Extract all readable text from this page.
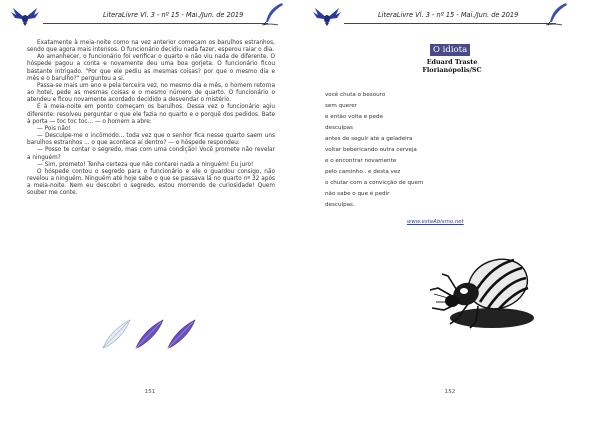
LiteraLivre Vl. 3 - nº 15 - Mai./Jun. de 2019

Exatamente à meia-noite como na vez anterior começam os barulhos estranhos, sendo que agora mais intensos. O funcionário decidiu nada fazer, esperou raiar o dia.

Ao amanhecer, o funcionário foi verificar o quarto e não viu nada de diferente. O hóspede pagou a conta e novamente deu uma boa gorjeta. O funcionário ficou bastante intrigado. "Por que ele pediu as mesmas coisas? por que o mesmo dia e mês e o barulho?" perguntou a si.

Passa-se mais um ano e pela terceira vez, no mesmo dia e mês, o homem retorna ao hotel, pede as mesmas coisas e o mesmo número de quarto. O funcionário o atendeu e ficou novamente acordado decidido a desvendar o mistério.

É à meia-noite em ponto começam os barulhos. Dessa vez o funcionário agiu diferente: resolveu perguntar o que ele fazia no quarto e o porquê dos pedidos. Bate à porta — toc toc toc... — o homem a abre:

— Pois não!

— Desculpe-me o incômodo... toda vez que o senhor fica nesse quarto saem uns barulhos estranhos ... o que acontece aí dentro? — o hóspede respondeu:

— Posso te contar o segredo, mas com uma condição! Você promete não revelar a ninguém?

— Sim, prometo! Tenha certeza que não contarei nada a ninguém! Eu juro!

O hóspede contou o segredo para o funcionário e ele o guardou consigo, não revelou a ninguém. Ninguém até hoje sabe o que se passava lá no quarto nº 32 após a meia-noite. Nem eu descobri o segredo, estou morrendo de curiosidade! Quem souber me conte.

151
LiteraLivre Vl. 3 - nº 15 - Mai./Jun. de 2019
O idiota
Eduard Traste
Florianópolis/SC
você chuta o besouro
sem querer
e então volta e pede
desculpas
antes de seguir até a geladeira
voltar bebericando outra cerveja
e o encontrar novamente
pelo caminho.. e desta vez
o chutar com a convicção de quem
não sabe o que é pedir
desculpas.
www.esteAbismo.net
152
